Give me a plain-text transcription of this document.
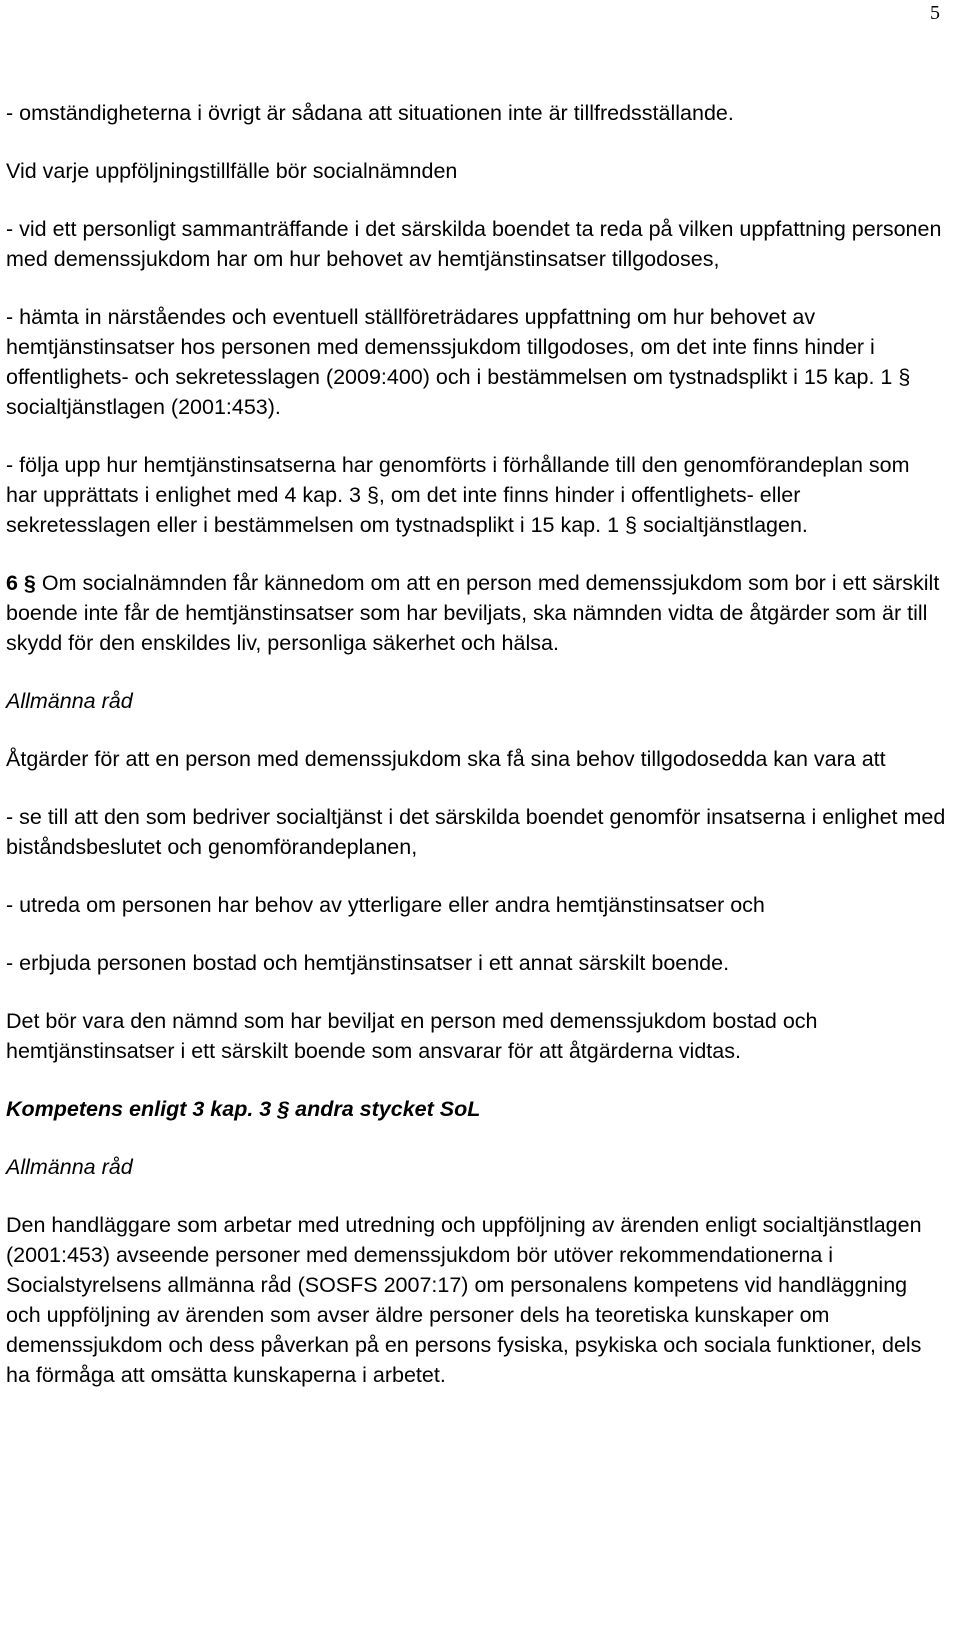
5

- omständigheterna i övrigt är sådana att situationen inte är tillfredsställande.

Vid varje uppföljningstillfälle bör socialnämnden

- vid ett personligt sammanträffande i det särskilda boendet ta reda på vilken uppfattning personen med demenssjukdom har om hur behovet av hemtjänstinsatser tillgodoses,

- hämta in närståendes och eventuell ställföreträdares uppfattning om hur behovet av hemtjänstinsatser hos personen med demenssjukdom tillgodoses, om det inte finns hinder i offentlighets- och sekretesslagen (2009:400) och i bestämmelsen om tystnadsplikt i 15 kap. 1 § socialtjänstlagen (2001:453).

- följa upp hur hemtjänstinsatserna har genomförts i förhållande till den genomförandeplan som har upprättats i enlighet med 4 kap. 3 §, om det inte finns hinder i offentlighets- eller sekretesslagen eller i bestämmelsen om tystnadsplikt i 15 kap. 1 § socialtjänstlagen.

6 § Om socialnämnden får kännedom om att en person med demenssjukdom som bor i ett särskilt boende inte får de hemtjänstinsatser som har beviljats, ska nämnden vidta de åtgärder som är till skydd för den enskildes liv, personliga säkerhet och hälsa.

Allmänna råd

Åtgärder för att en person med demenssjukdom ska få sina behov tillgodosedda kan vara att

- se till att den som bedriver socialtjänst i det särskilda boendet genomför insatserna i enlighet med biståndsbeslutet och genomförandeplanen,

- utreda om personen har behov av ytterligare eller andra hemtjänstinsatser och

- erbjuda personen bostad och hemtjänstinsatser i ett annat särskilt boende.

Det bör vara den nämnd som har beviljat en person med demenssjukdom bostad och hemtjänstinsatser i ett särskilt boende som ansvarar för att åtgärderna vidtas.

Kompetens enligt 3 kap. 3 § andra stycket SoL

Allmänna råd

Den handläggare som arbetar med utredning och uppföljning av ärenden enligt socialtjänstlagen (2001:453) avseende personer med demenssjukdom bör utöver rekommendationerna i Socialstyrelsens allmänna råd (SOSFS 2007:17) om personalens kompetens vid handläggning och uppföljning av ärenden som avser äldre personer dels ha teoretiska kunskaper om demenssjukdom och dess påverkan på en persons fysiska, psykiska och sociala funktioner, dels ha förmåga att omsätta kunskaperna i arbetet.
